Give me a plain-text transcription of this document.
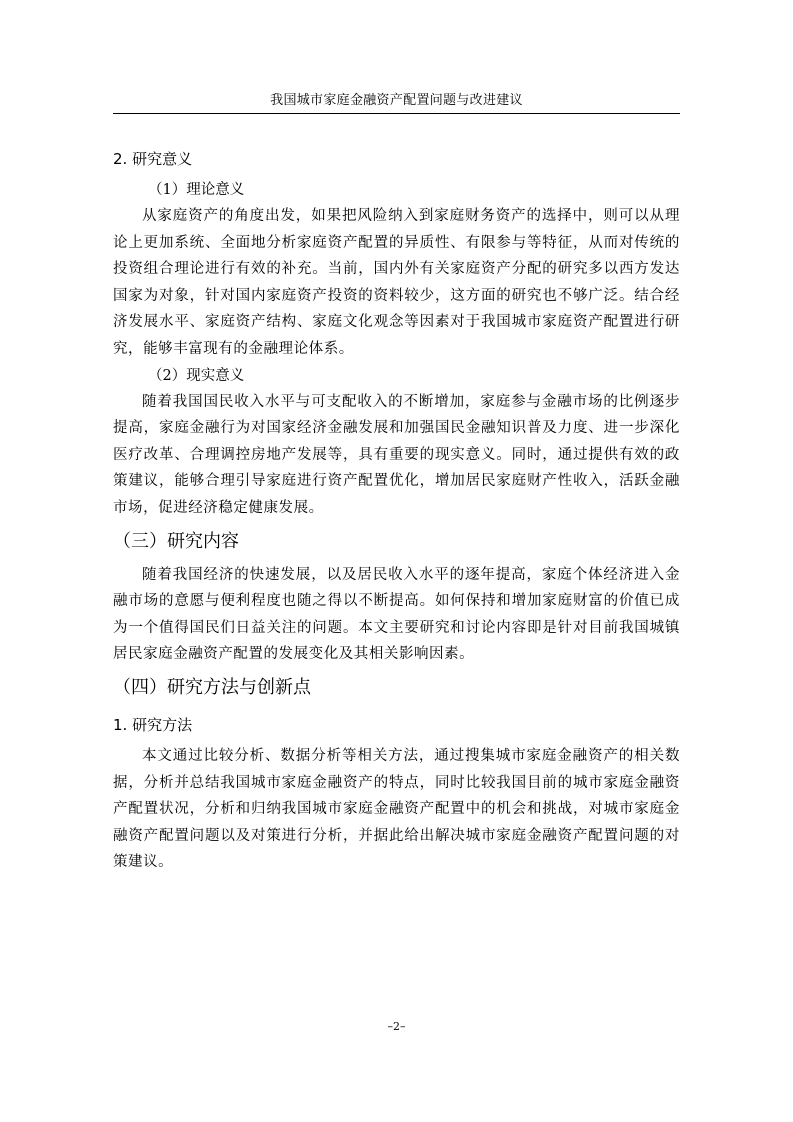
我国城市家庭金融资产配置问题与改进建议
2. 研究意义
（1）理论意义

从家庭资产的角度出发，如果把风险纳入到家庭财务资产的选择中，则可以从理论上更加系统、全面地分析家庭资产配置的异质性、有限参与等特征，从而对传统的投资组合理论进行有效的补充。当前，国内外有关家庭资产分配的研究多以西方发达国家为对象，针对国内家庭资产投资的资料较少，这方面的研究也不够广泛。结合经济发展水平、家庭资产结构、家庭文化观念等因素对于我国城市家庭资产配置进行研究，能够丰富现有的金融理论体系。

（2）现实意义

随着我国国民收入水平与可支配收入的不断增加，家庭参与金融市场的比例逐步提高，家庭金融行为对国家经济金融发展和加强国民金融知识普及力度、进一步深化医疗改革、合理调控房地产发展等，具有重要的现实意义。同时，通过提供有效的政策建议，能够合理引导家庭进行资产配置优化，增加居民家庭财产性收入，活跃金融市场，促进经济稳定健康发展。

（三）研究内容

随着我国经济的快速发展，以及居民收入水平的逐年提高，家庭个体经济进入金融市场的意愿与便利程度也随之得以不断提高。如何保持和增加家庭财富的价值已成为一个值得国民们日益关注的问题。本文主要研究和讨论内容即是针对目前我国城镇居民家庭金融资产配置的发展变化及其相关影响因素。

（四）研究方法与创新点
1. 研究方法

本文通过比较分析、数据分析等相关方法，通过搜集城市家庭金融资产的相关数据，分析并总结我国城市家庭金融资产的特点，同时比较我国目前的城市家庭金融资产配置状况，分析和归纳我国城市家庭金融资产配置中的机会和挑战，对城市家庭金融资产配置问题以及对策进行分析，并据此给出解决城市家庭金融资产配置问题的对策建议。

–2–
